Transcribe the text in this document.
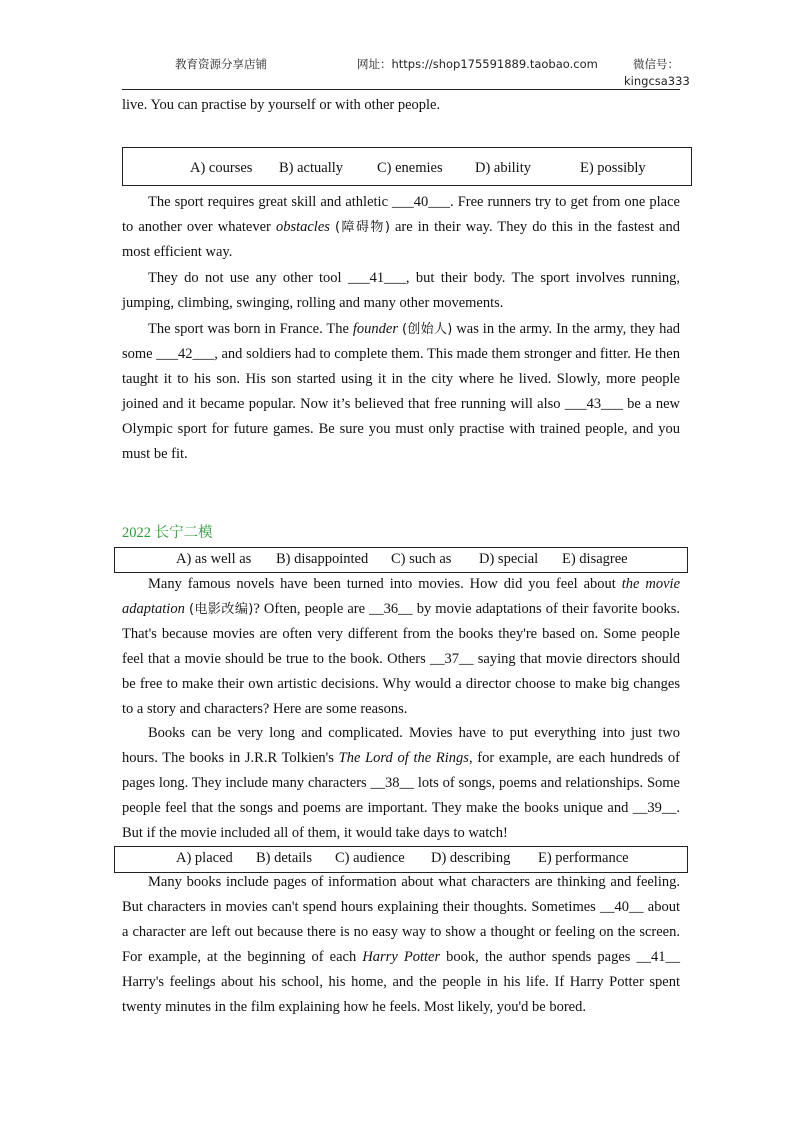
教育资源分享店铺	网址：https://shop175591889.taobao.com	微信号：
kingcsa333
live. You can practise by yourself or with other people.
A) courses B) actually C) enemies D) ability	E) possibly
The sport requires great skill and athletic ___40___. Free runners try to get from one place to another over whatever obstacles (障碍物) are in their way. They do this in the fastest and most efficient way.
They do not use any other tool ___41___, but their body. The sport involves running, jumping, climbing, swinging, rolling and many other movements.
The sport was born in France. The founder (创始人) was in the army. In the army, they had some ___42___, and soldiers had to complete them. This made them stronger and fitter. He then taught it to his son. His son started using it in the city where he lived. Slowly, more people joined and it became popular. Now it’s believed that free running will also ___43___ be a new Olympic sport for future games. Be sure you must only practise with trained people, and you must be fit.
2022 长宁二模
A) as well as B) disappointed C) such as D) special E) disagree
Many famous novels have been turned into movies. How did you feel about the movie adaptation (电影改编)? Often, people are __36__ by movie adaptations of their favorite books. That's because movies are often very different from the books they're based on. Some people feel that a movie should be true to the book. Others __37__ saying that movie directors should be free to make their own artistic decisions. Why would a director choose to make big changes to a story and characters? Here are some reasons.
Books can be very long and complicated. Movies have to put everything into just two hours. The books in J.R.R Tolkien's The Lord of the Rings, for example, are each hundreds of pages long. They include many characters __38__ lots of songs, poems and relationships. Some people feel that the songs and poems are important. They make the books unique and __39__. But if the movie included all of them, it would take days to watch!
A) placed B) details C) audience D) describing E) performance
Many books include pages of information about what characters are thinking and feeling. But characters in movies can't spend hours explaining their thoughts. Sometimes __40__ about a character are left out because there is no easy way to show a thought or feeling on the screen. For example, at the beginning of each Harry Potter book, the author spends pages __41__ Harry's feelings about his school, his home, and the people in his life. If Harry Potter spent twenty minutes in the film explaining how he feels. Most likely, you'd be bored.
